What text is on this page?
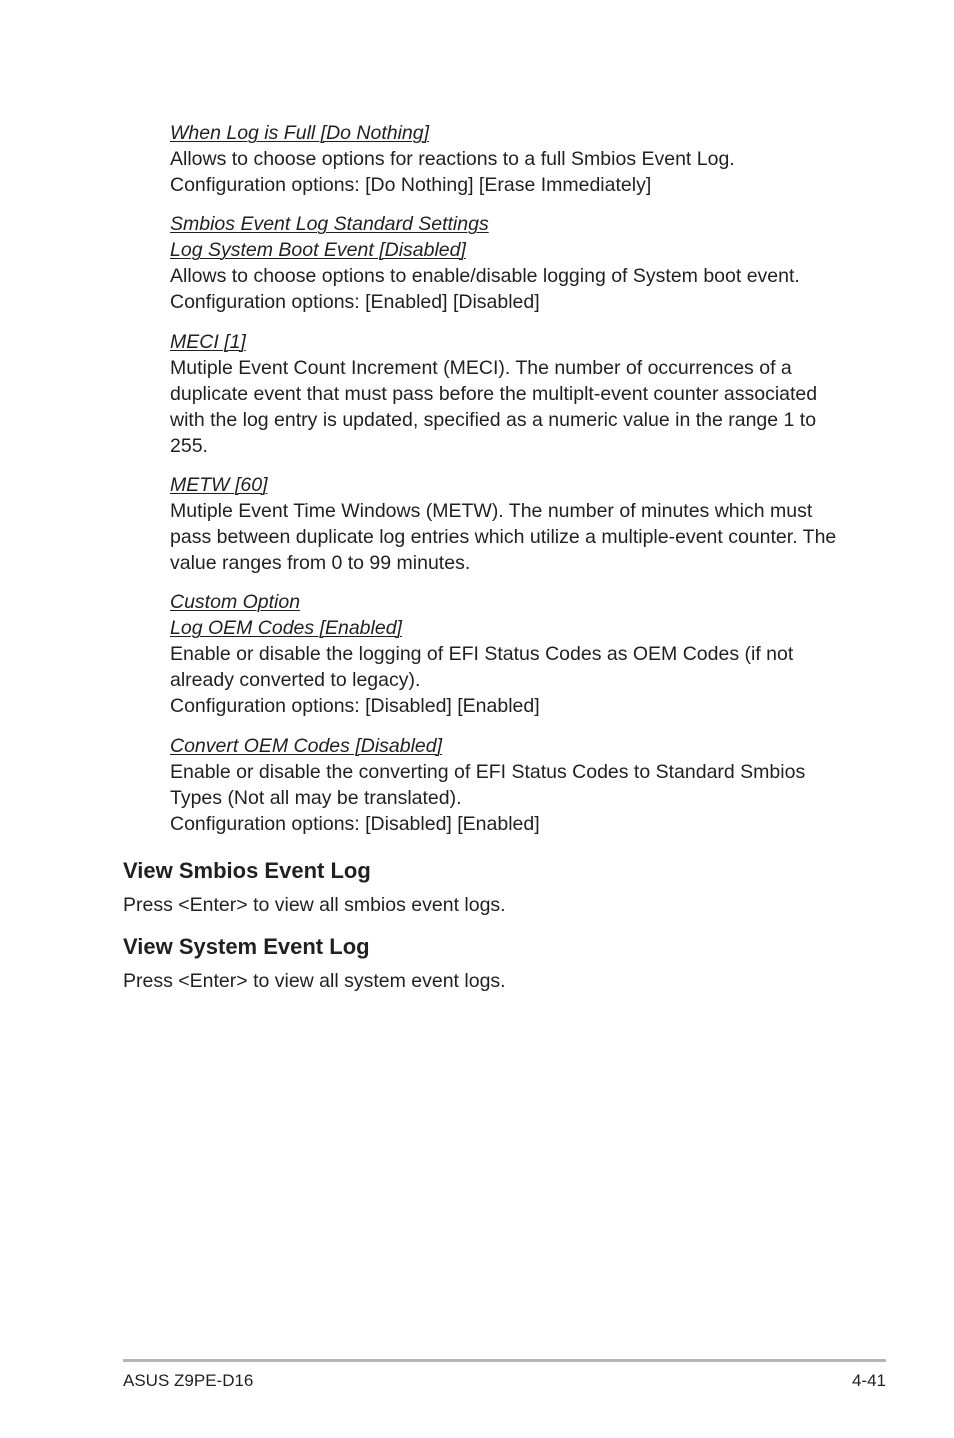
When Log is Full [Do Nothing]
Allows to choose options for reactions to a full Smbios Event Log.
Configuration options: [Do Nothing] [Erase Immediately]
Smbios Event Log Standard Settings
Log System Boot Event [Disabled]
Allows to choose options to enable/disable logging of System boot event.
Configuration options: [Enabled] [Disabled]
MECI [1]
Mutiple Event Count Increment (MECI). The number of occurrences of a
duplicate event that must pass before the multiplt-event counter associated
with the log entry is updated, specified as a numeric value in the range 1 to
255.
METW [60]
Mutiple Event Time Windows (METW). The number of minutes which must
pass between duplicate log entries which utilize a multiple-event counter. The
value ranges from 0 to 99 minutes.
Custom Option
Log OEM Codes [Enabled]
Enable or disable the logging of EFI Status Codes as OEM Codes (if not
already converted to legacy).
Configuration options: [Disabled] [Enabled]
Convert OEM Codes [Disabled]
Enable or disable the converting of EFI Status Codes to Standard Smbios
Types (Not all may be translated).
Configuration options: [Disabled] [Enabled]
View Smbios Event Log
Press <Enter> to view all smbios event logs.
View System Event Log
Press <Enter> to view all system event logs.
ASUS Z9PE-D16	4-41
